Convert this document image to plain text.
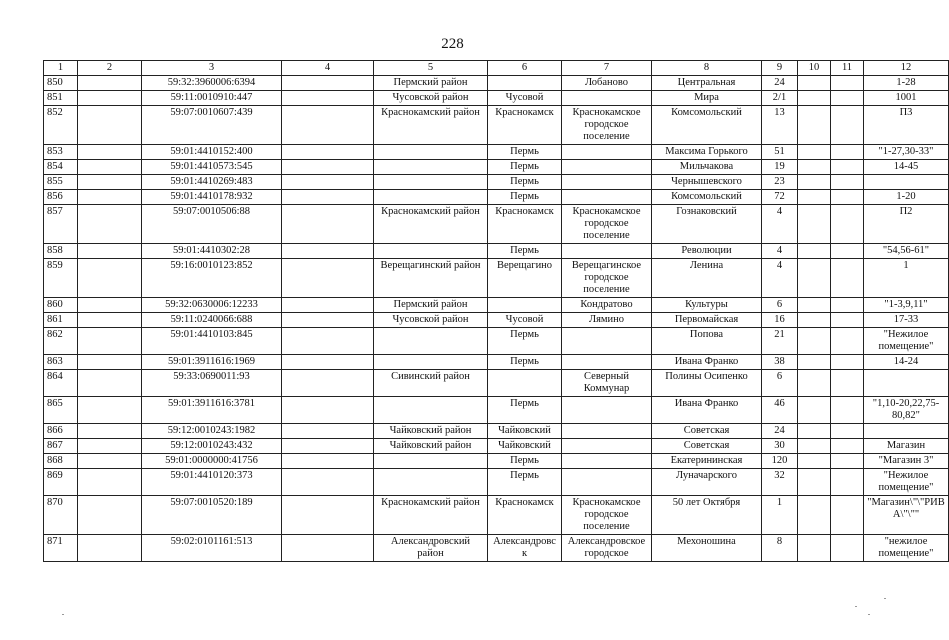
228
1	2	3	4	5	6	7	8	9	10	11	12
850		59:32:3960006:6394		Пермский район		Лобаново	Центральная	24			1-28
851		59:11:0010910:447		Чусовской район	Чусовой		Мира	2/1			1001
852		59:07:0010607:439		Краснокамский район	Краснокамск	Краснокамское городское поселение	Комсомольский	13			П3
853		59:01:4410152:400			Пермь		Максима Горького	51			"1-27,30-33"
854		59:01:4410573:545			Пермь		Мильчакова	19			14-45
855		59:01:4410269:483			Пермь		Чернышевского	23			
856		59:01:4410178:932			Пермь		Комсомольский	72			1-20
857		59:07:0010506:88		Краснокамский район	Краснокамск	Краснокамское городское поселение	Гознаковский	4			П2
858		59:01:4410302:28			Пермь		Революции	4			"54,56-61"
859		59:16:0010123:852		Верещагинский район	Верещагино	Верещагинское городское поселение	Ленина	4			1
860		59:32:0630006:12233		Пермский район		Кондратово	Культуры	6			"1-3,9,11"
861		59:11:0240066:688		Чусовской район	Чусовой	Лямино	Первомайская	16			17-33
862		59:01:4410103:845			Пермь		Попова	21			"Нежилое помещение"
863		59:01:3911616:1969			Пермь		Ивана Франко	38			14-24
864		59:33:0690011:93		Сивинский район		Северный Коммунар	Полины Осипенко	6			
865		59:01:3911616:3781			Пермь		Ивана Франко	46			"1,10-20,22,75-80,82"
866		59:12:0010243:1982		Чайковский район	Чайковский		Советская	24			
867		59:12:0010243:432		Чайковский район	Чайковский		Советская	30			Магазин
868		59:01:0000000:41756			Пермь		Екатерининская	120			"Магазин 3"
869		59:01:4410120:373			Пермь		Луначарского	32			"Нежилое помещение"
870		59:07:0010520:189		Краснокамский район	Краснокамск	Краснокамское городское поселение	50 лет Октября	1			"Магазин\"\"РИВА\"\""
871		59:02:0101161:513		Александровский район	Александровск	Александровское городское	Мехоношина	8			"нежилое помещение"
